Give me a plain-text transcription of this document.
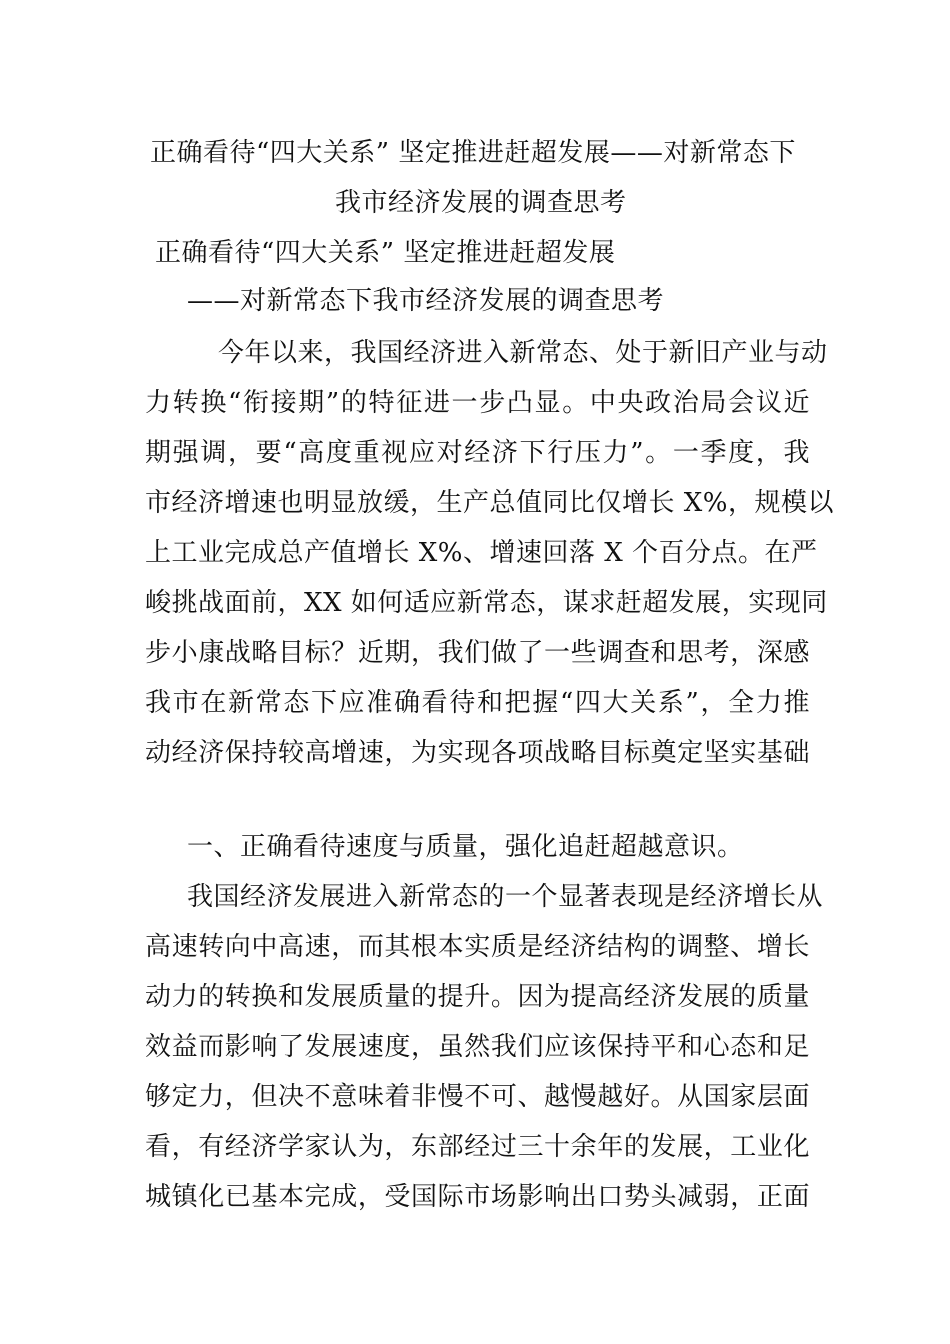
正确看待“四大关系” 坚定推进赶超发展——对新常态下
我市经济发展的调查思考
正确看待“四大关系” 坚定推进赶超发展
——对新常态下我市经济发展的调查思考
今年以来，我国经济进入新常态、处于新旧产业与动
力转换“衔接期”的特征进一步凸显。中央政治局会议近
期强调，要“高度重视应对经济下行压力”。一季度，我
市经济增速也明显放缓，生产总值同比仅增长 X%，规模以
上工业完成总产值增长 X%、增速回落 X 个百分点。在严
峻挑战面前，XX 如何适应新常态，谋求赶超发展，实现同
步小康战略目标？近期，我们做了一些调查和思考，深感
我市在新常态下应准确看待和把握“四大关系”，全力推
动经济保持较高增速，为实现各项战略目标奠定坚实基础
一、正确看待速度与质量，强化追赶超越意识。
我国经济发展进入新常态的一个显著表现是经济增长从
高速转向中高速，而其根本实质是经济结构的调整、增长
动力的转换和发展质量的提升。因为提高经济发展的质量
效益而影响了发展速度，虽然我们应该保持平和心态和足
够定力，但决不意味着非慢不可、越慢越好。从国家层面
看，有经济学家认为，东部经过三十余年的发展，工业化
城镇化已基本完成，受国际市场影响出口势头减弱，正面
